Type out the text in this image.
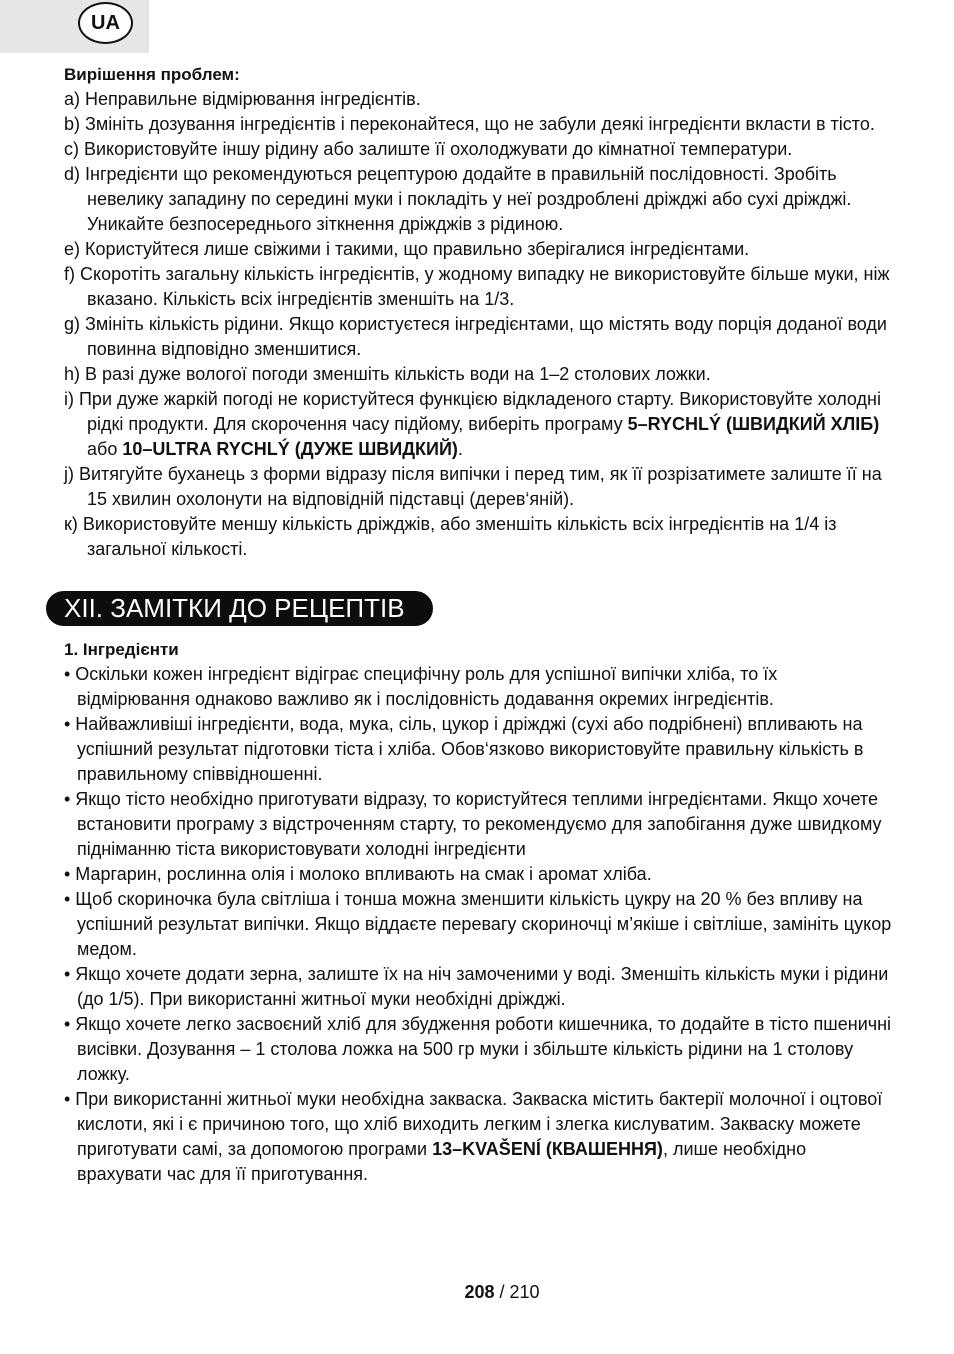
UA

Вирішення проблем:

a) Неправильне відмірювання інгредієнтів.

b) Змініть дозування інгредієнтів і переконайтеся, що не забули деякі інгредієнти вкласти в тісто.

c) Використовуйте іншу рідину або залиште її охолоджувати до кімнатної температури.

d) Інгредієнти що рекомендуються рецептурою додайте в правильній послідовності. Зробіть невелику западину по середині муки і покладіть у неї роздроблені дріжджі або сухі дріжджі. Уникайте безпосереднього зіткнення дріжджів з рідиною.

e) Користуйтеся лише свіжими і такими, що правильно зберігалися інгредієнтами.

f) Скоротіть загальну кількість інгредієнтів, у жодному випадку не використовуйте більше муки, ніж вказано. Кількість всіх інгредієнтів зменшіть на 1/3.

g) Змініть кількість рідини. Якщо користуєтеся інгредієнтами, що містять воду порція доданої води повинна відповідно зменшитися.

h) В разі дуже вологої погоди зменшіть кількість води на 1–2 столових ложки.

i) При дуже жаркій погоді не користуйтеся функцією відкладеного старту. Використовуйте холодні рідкі продукти. Для скорочення часу підйому, виберіть програму 5–RYCHLÝ (ШВИДКИЙ ХЛІБ) або 10–ULTRA RYCHLÝ (ДУЖЕ ШВИДКИЙ).

j) Витягуйте буханець з форми відразу після випічки і перед тим, як її розрізатимете залиште її на 15 хвилин охолонути на відповідній підставці (дерев‘яній).

к) Використовуйте меншу кількість дріжджів, або зменшіть кількість всіх інгредієнтів на 1/4 із загальної кількості.

XII. ЗАМІТКИ ДО РЕЦЕПТІВ

1. Інгредієнти

• Оскільки кожен інгредієнт відіграє специфічну роль для успішної випічки хліба, то їх відмірювання однаково важливо як і послідовність додавання окремих інгредієнтів.

• Найважливіші інгредієнти, вода, мука, сіль, цукор і дріжджі (сухі або подрібнені) впливають на успішний результат підготовки тіста і хліба. Обов‘язково використовуйте правильну кількість в правильному співвідношенні.

• Якщо тісто необхідно приготувати відразу, то користуйтеся теплими інгредієнтами. Якщо хочете встановити програму з відстроченням старту, то рекомендуємо для запобігання дуже швидкому підніманню тіста використовувати холодні інгредієнти

• Маргарин, рослинна олія і молоко впливають на смак і аромат хліба.

• Щоб скориночка була світліша і тонша можна зменшити кількість цукру на 20 % без впливу на успішний результат випічки. Якщо віддаєте перевагу скориночці м’якіше і світліше, замініть цукор медом.

• Якщо хочете додати зерна, залиште їх на ніч замоченими у воді. Зменшіть кількість муки і рідини (до 1/5). При використанні житньої муки необхідні дріжджі.

• Якщо хочете легко засвоєний хліб для збудження роботи кишечника, то додайте в тісто пшеничні висівки. Дозування – 1 столова ложка на 500 гр муки і збільште кількість рідини на 1 столову ложку.

• При використанні житньої муки необхідна закваска. Закваска містить бактерії молочної і оцтової кислоти, які і є причиною того, що хліб виходить легким і злегка кислуватим. Закваску можете приготувати самі, за допомогою програми 13–KVAŠENÍ (КВАШЕННЯ), лише необхідно врахувати час для її приготування.

208 / 210
